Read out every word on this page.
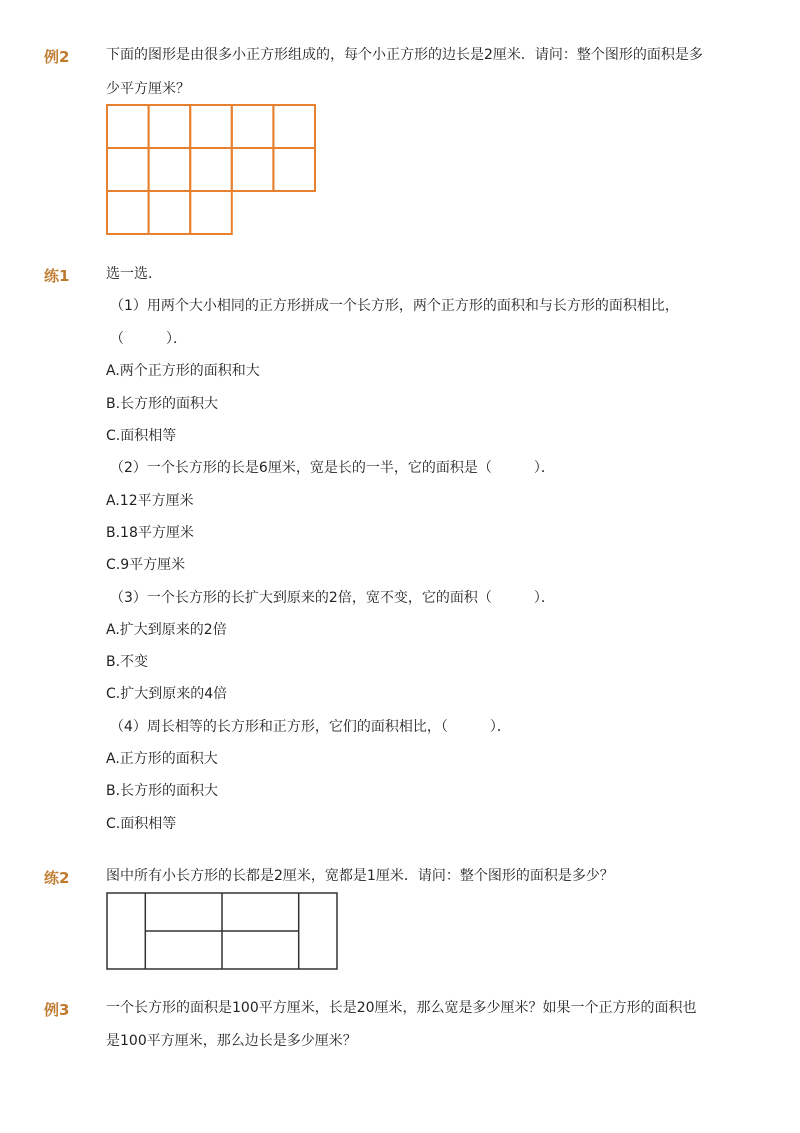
例2	下面的图形是由很多小正方形组成的，每个小正方形的边长是2厘米．请问：整个图形的面积是多
少平方厘米？
练1	选一选．
（1）用两个大小相同的正方形拼成一个长方形，两个正方形的面积和与长方形的面积相比，
（　　　）．
A.两个正方形的面积和大
B.长方形的面积大
C.面积相等
（2）一个长方形的长是6厘米，宽是长的一半，它的面积是（　　　）．
A.12平方厘米
B.18平方厘米
C.9平方厘米
（3）一个长方形的长扩大到原来的2倍，宽不变，它的面积（　　　）．
A.扩大到原来的2倍
B.不变
C.扩大到原来的4倍
（4）周长相等的长方形和正方形，它们的面积相比，（　　　）．
A.正方形的面积大
B.长方形的面积大
C.面积相等
练2	图中所有小长方形的长都是2厘米，宽都是1厘米．请问：整个图形的面积是多少？
例3	一个长方形的面积是100平方厘米，长是20厘米，那么宽是多少厘米？如果一个正方形的面积也
是100平方厘米，那么边长是多少厘米？
